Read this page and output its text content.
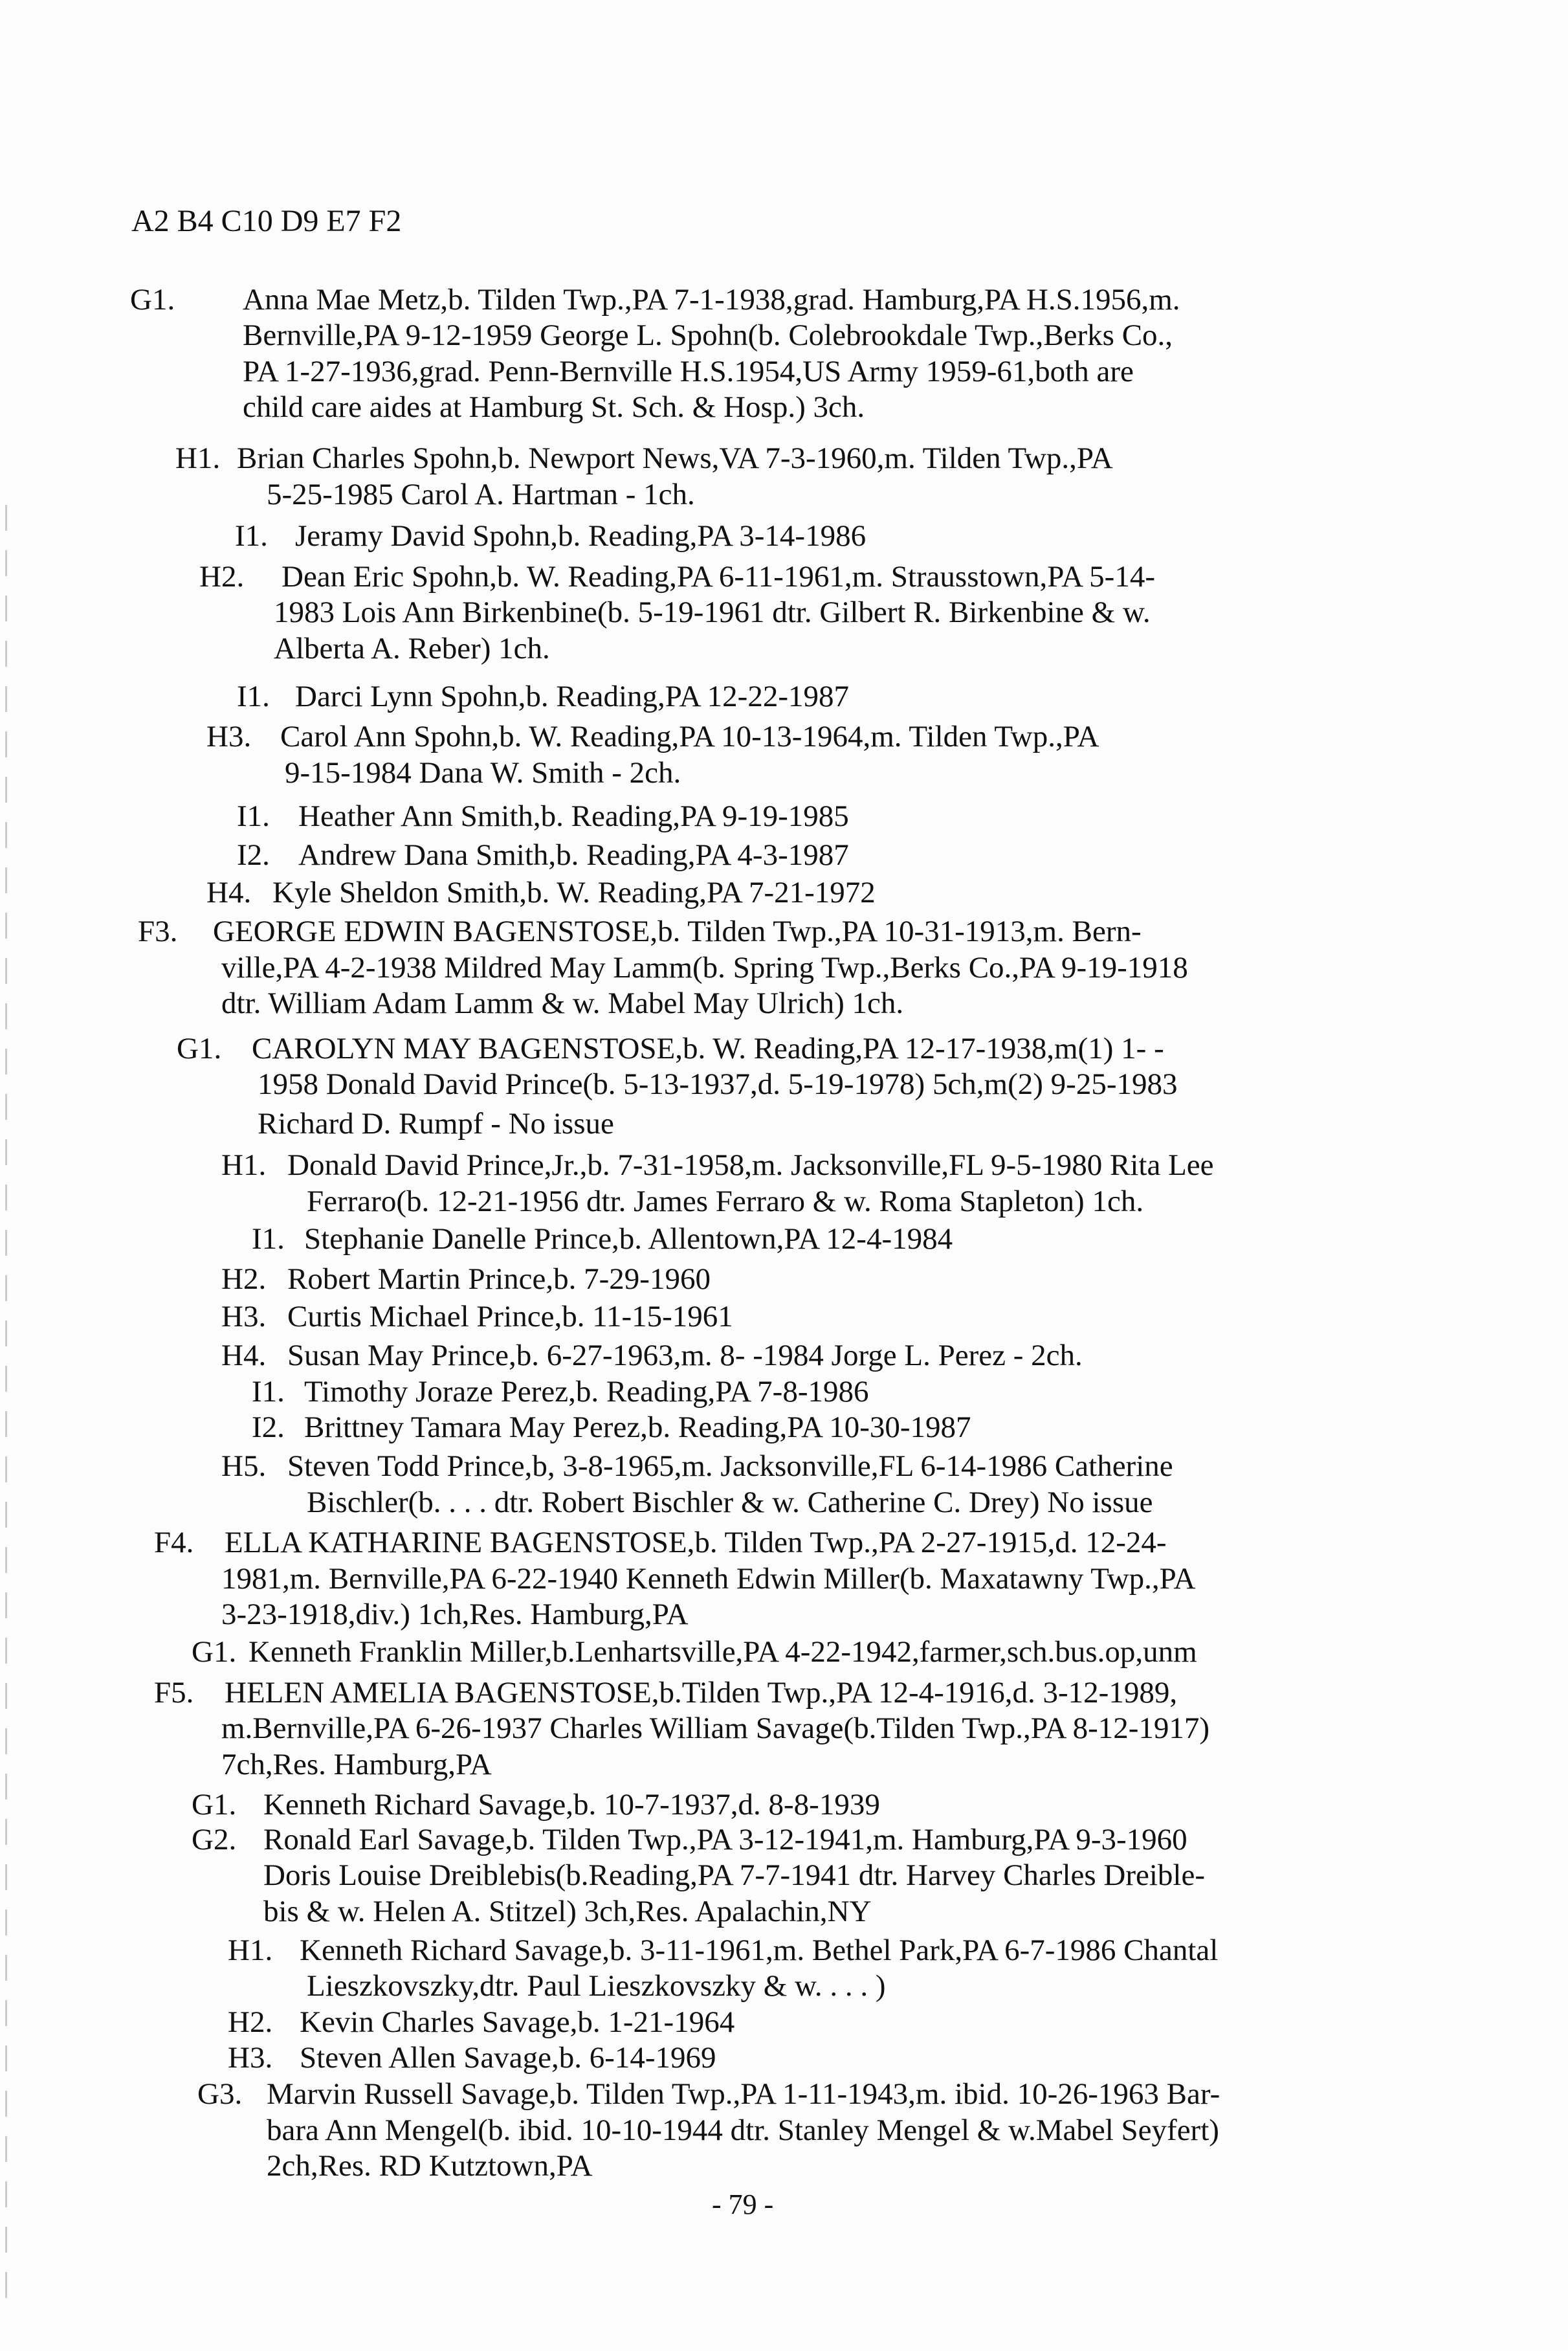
A2 B4 C10 D9 E7 F2
G1. Anna Mae Metz,b. Tilden Twp.,PA 7-1-1938,grad. Hamburg,PA H.S.1956,m.
Bernville,PA 9-12-1959 George L. Spohn(b. Colebrookdale Twp.,Berks Co.,
PA 1-27-1936,grad. Penn-Bernville H.S.1954,US Army 1959-61,both are
child care aides at Hamburg St. Sch. & Hosp.) 3ch.
H1. Brian Charles Spohn,b. Newport News,VA 7-3-1960,m. Tilden Twp.,PA
5-25-1985 Carol A. Hartman - 1ch.
I1. Jeramy David Spohn,b. Reading,PA 3-14-1986
H2. Dean Eric Spohn,b. W. Reading,PA 6-11-1961,m. Strausstown,PA 5-14-
1983 Lois Ann Birkenbine(b. 5-19-1961 dtr. Gilbert R. Birkenbine & w.
Alberta A. Reber) 1ch.
I1. Darci Lynn Spohn,b. Reading,PA 12-22-1987
H3. Carol Ann Spohn,b. W. Reading,PA 10-13-1964,m. Tilden Twp.,PA
9-15-1984 Dana W. Smith - 2ch.
I1. Heather Ann Smith,b. Reading,PA 9-19-1985
I2. Andrew Dana Smith,b. Reading,PA 4-3-1987
H4. Kyle Sheldon Smith,b. W. Reading,PA 7-21-1972
F3. GEORGE EDWIN BAGENSTOSE,b. Tilden Twp.,PA 10-31-1913,m. Bern-
ville,PA 4-2-1938 Mildred May Lamm(b. Spring Twp.,Berks Co.,PA 9-19-1918
dtr. William Adam Lamm & w. Mabel May Ulrich) 1ch.
G1. CAROLYN MAY BAGENSTOSE,b. W. Reading,PA 12-17-1938,m(1) 1- -
1958 Donald David Prince(b. 5-13-1937,d. 5-19-1978) 5ch,m(2) 9-25-1983
Richard D. Rumpf - No issue
H1. Donald David Prince,Jr.,b. 7-31-1958,m. Jacksonville,FL 9-5-1980 Rita Lee
Ferraro(b. 12-21-1956 dtr. James Ferraro & w. Roma Stapleton) 1ch.
I1. Stephanie Danelle Prince,b. Allentown,PA 12-4-1984
H2. Robert Martin Prince,b. 7-29-1960
H3. Curtis Michael Prince,b. 11-15-1961
H4. Susan May Prince,b. 6-27-1963,m. 8- -1984 Jorge L. Perez - 2ch.
I1. Timothy Joraze Perez,b. Reading,PA 7-8-1986
I2. Brittney Tamara May Perez,b. Reading,PA 10-30-1987
H5. Steven Todd Prince,b, 3-8-1965,m. Jacksonville,FL 6-14-1986 Catherine
Bischler(b. . . . dtr. Robert Bischler & w. Catherine C. Drey) No issue
F4. ELLA KATHARINE BAGENSTOSE,b. Tilden Twp.,PA 2-27-1915,d. 12-24-
1981,m. Bernville,PA 6-22-1940 Kenneth Edwin Miller(b. Maxatawny Twp.,PA
3-23-1918,div.) 1ch,Res. Hamburg,PA
G1. Kenneth Franklin Miller,b.Lenhartsville,PA 4-22-1942,farmer,sch.bus.op,unm
F5. HELEN AMELIA BAGENSTOSE,b.Tilden Twp.,PA 12-4-1916,d. 3-12-1989,
m.Bernville,PA 6-26-1937 Charles William Savage(b.Tilden Twp.,PA 8-12-1917)
7ch,Res. Hamburg,PA
G1. Kenneth Richard Savage,b. 10-7-1937,d. 8-8-1939
G2. Ronald Earl Savage,b. Tilden Twp.,PA 3-12-1941,m. Hamburg,PA 9-3-1960
Doris Louise Dreiblebis(b.Reading,PA 7-7-1941 dtr. Harvey Charles Dreible-
bis & w. Helen A. Stitzel) 3ch,Res. Apalachin,NY
H1. Kenneth Richard Savage,b. 3-11-1961,m. Bethel Park,PA 6-7-1986 Chantal
Lieszkovszky,dtr. Paul Lieszkovszky & w. . . . )
H2. Kevin Charles Savage,b. 1-21-1964
H3. Steven Allen Savage,b. 6-14-1969
G3. Marvin Russell Savage,b. Tilden Twp.,PA 1-11-1943,m. ibid. 10-26-1963 Bar-
bara Ann Mengel(b. ibid. 10-10-1944 dtr. Stanley Mengel & w.Mabel Seyfert)
2ch,Res. RD Kutztown,PA
- 79 -
